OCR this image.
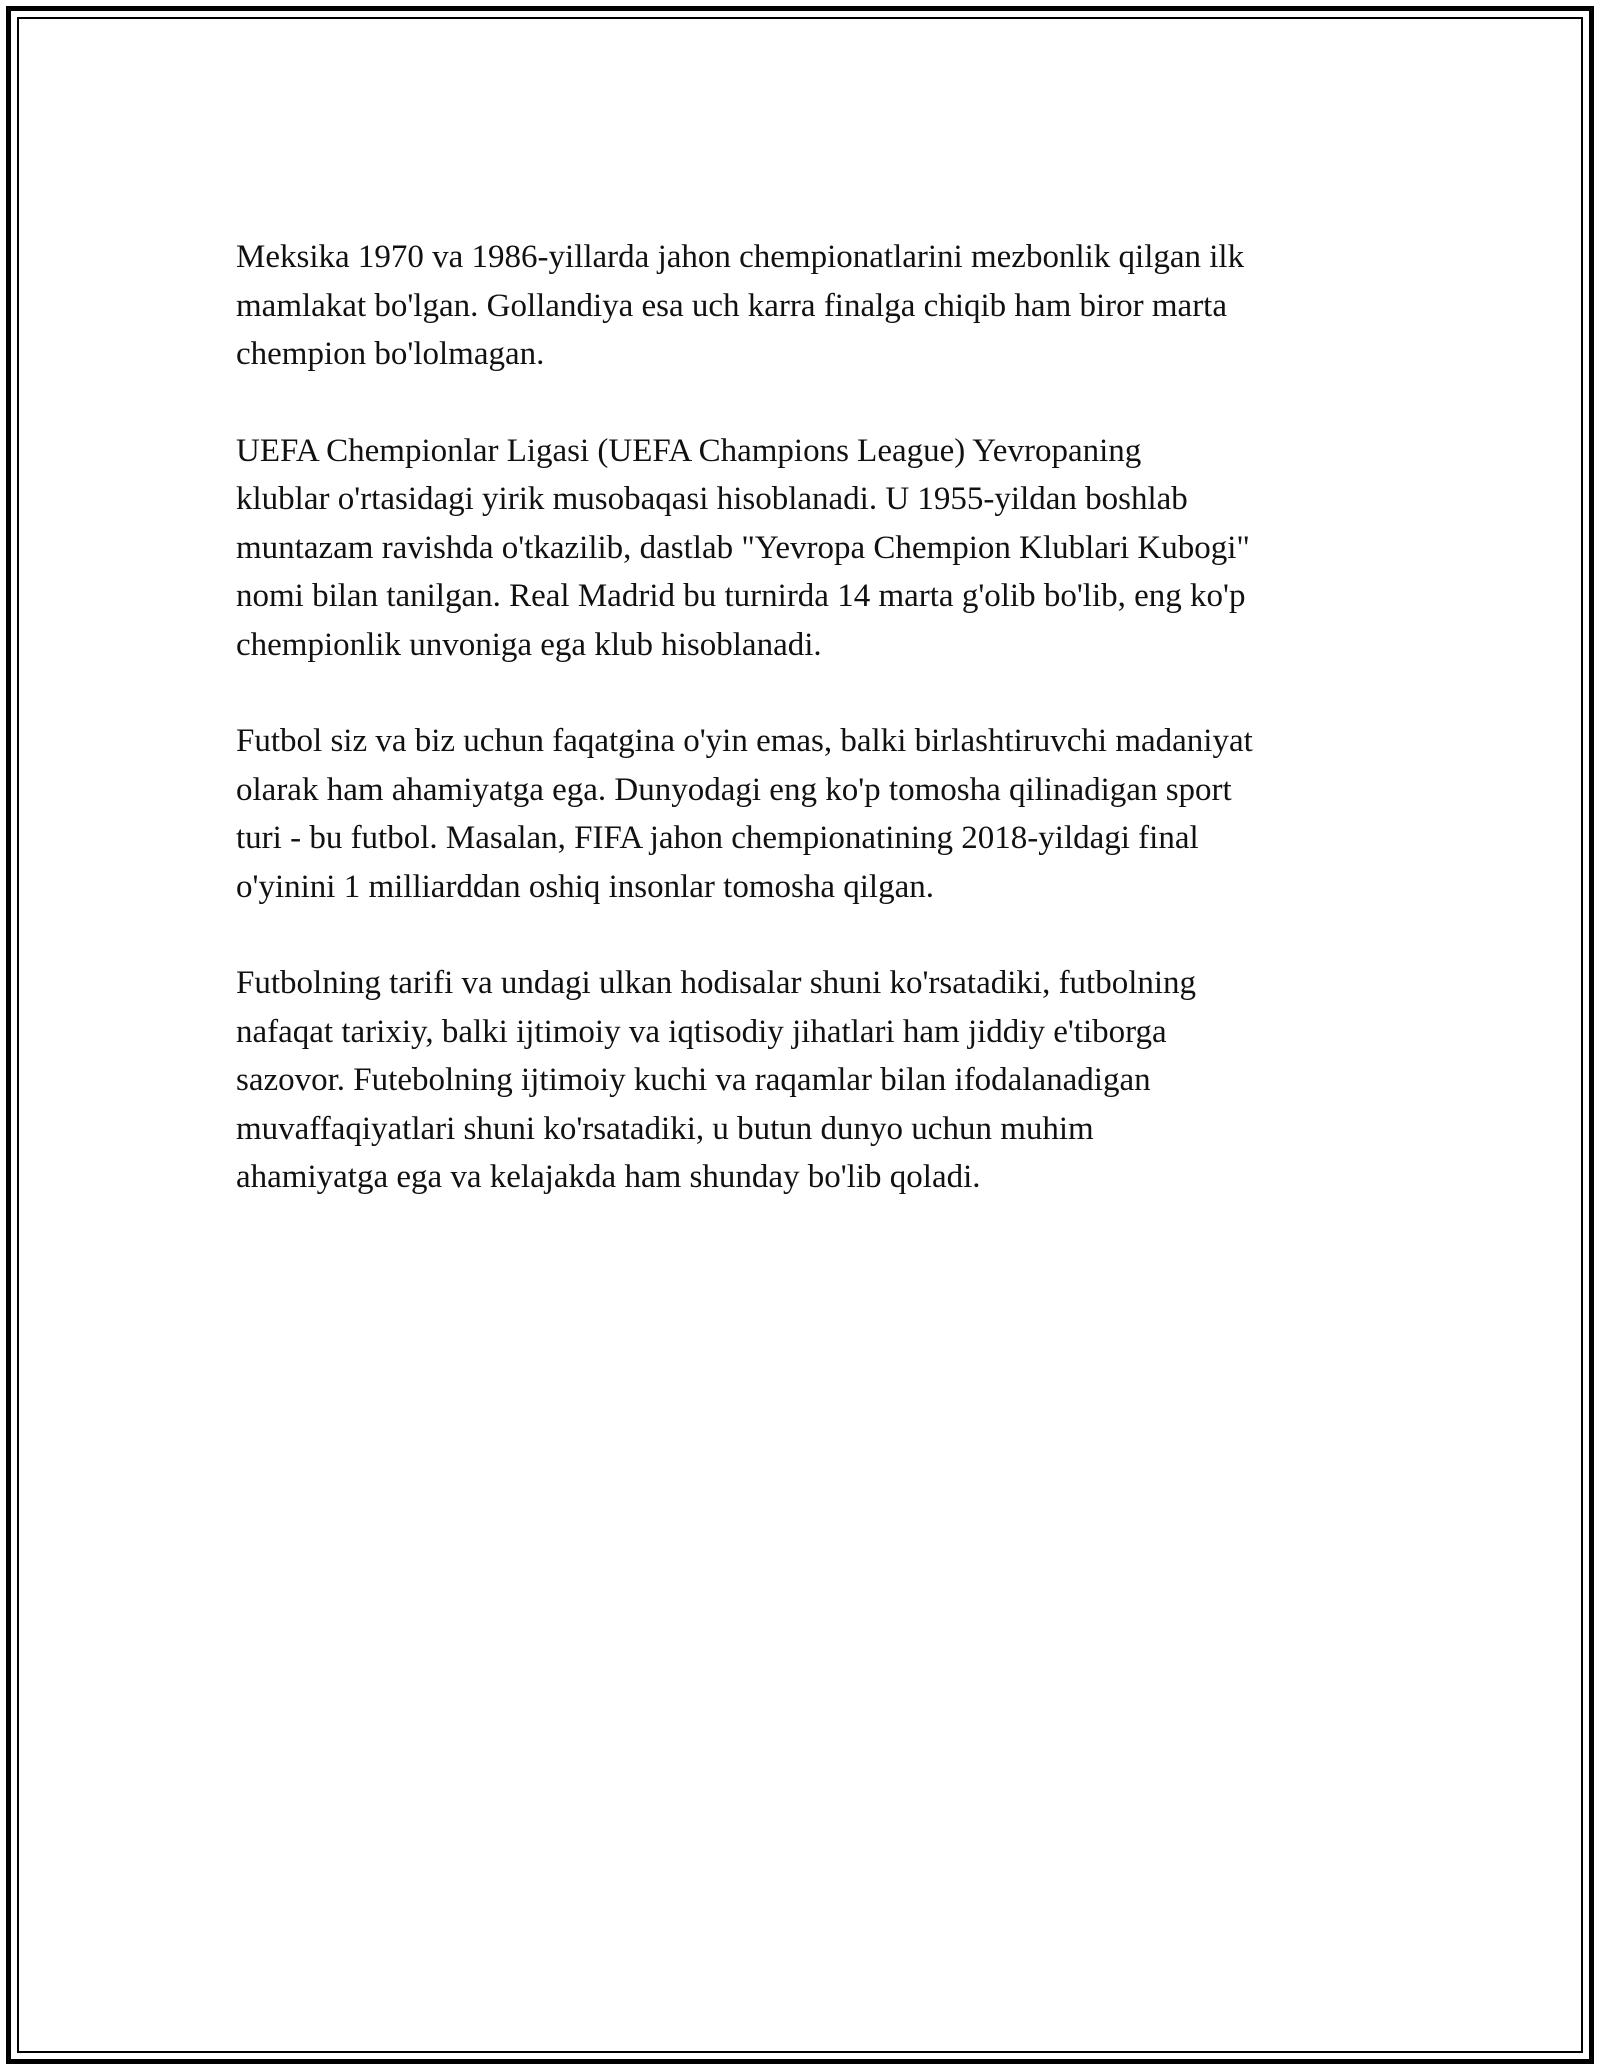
Meksika 1970 va 1986-yillarda jahon chempionatlarini mezbonlik qilgan ilk
mamlakat bo'lgan. Gollandiya esa uch karra finalga chiqib ham biror marta
chempion bo'lolmagan.

UEFA Chempionlar Ligasi (UEFA Champions League) Yevropaning
klublar o'rtasidagi yirik musobaqasi hisoblanadi. U 1955-yildan boshlab
muntazam ravishda o'tkazilib, dastlab "Yevropa Chempion Klublari Kubogi"
nomi bilan tanilgan. Real Madrid bu turnirda 14 marta g'olib bo'lib, eng ko'p
chempionlik unvoniga ega klub hisoblanadi.

Futbol siz va biz uchun faqatgina o'yin emas, balki birlashtiruvchi madaniyat
olarak ham ahamiyatga ega. Dunyodagi eng ko'p tomosha qilinadigan sport
turi - bu futbol. Masalan, FIFA jahon chempionatining 2018-yildagi final
o'yinini 1 milliarddan oshiq insonlar tomosha qilgan.

Futbolning tarifi va undagi ulkan hodisalar shuni ko'rsatadiki, futbolning
nafaqat tarixiy, balki ijtimoiy va iqtisodiy jihatlari ham jiddiy e'tiborga
sazovor. Futebolning ijtimoiy kuchi va raqamlar bilan ifodalanadigan
muvaffaqiyatlari shuni ko'rsatadiki, u butun dunyo uchun muhim
ahamiyatga ega va kelajakda ham shunday bo'lib qoladi.
